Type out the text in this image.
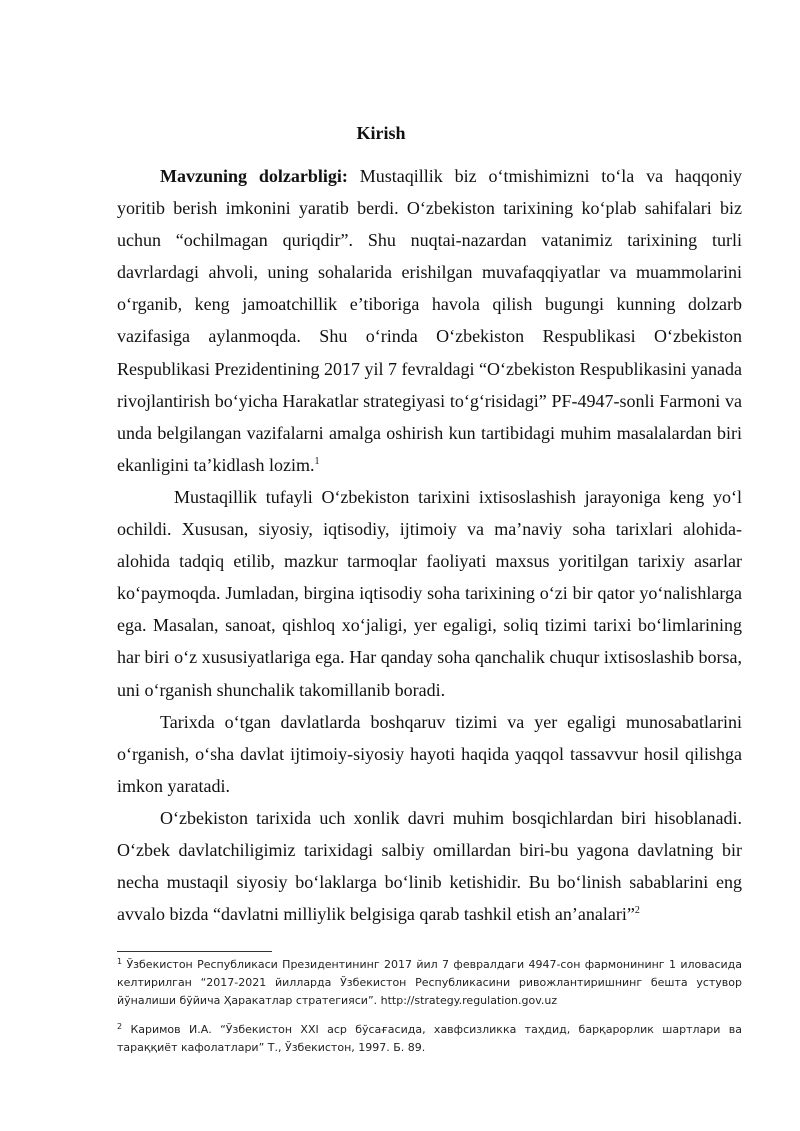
Kirish

Mavzuning dolzarbligi: Mustaqillik biz o‘tmishimizni to‘la va haqqoniy yoritib berish imkonini yaratib berdi. O‘zbekiston tarixining ko‘plab sahifalari biz uchun “ochilmagan quriqdir”. Shu nuqtai-nazardan vatanimiz tarixining turli davrlardagi ahvoli, uning sohalarida erishilgan muvafaqqiyatlar va muammolarini o‘rganib, keng jamoatchillik e’tiboriga havola qilish bugungi kunning dolzarb vazifasiga aylanmoqda. Shu o‘rinda O‘zbekiston Respublikasi O‘zbekiston Respublikasi Prezidentining 2017 yil 7 fevraldagi “O‘zbekiston Respublikasini yanada rivojlantirish bo‘yicha Harakatlar strategiyasi to‘g‘risidagi” PF-4947-sonli Farmoni va unda belgilangan vazifalarni amalga oshirish kun tartibidagi muhim masalalardan biri ekanligini ta’kidlash lozim.$^1$

Mustaqillik tufayli O‘zbekiston tarixini ixtisoslashish jarayoniga keng yo‘l ochildi. Xususan, siyosiy, iqtisodiy, ijtimoiy va ma’naviy soha tarixlari alohida-alohida tadqiq etilib, mazkur tarmoqlar faoliyati maxsus yoritilgan tarixiy asarlar ko‘paymoqda. Jumladan, birgina iqtisodiy soha tarixining o‘zi bir qator yo‘nalishlarga ega. Masalan, sanoat, qishloq xo‘jaligi, yer egaligi, soliq tizimi tarixi bo‘limlarining har biri o‘z xususiyatlariga ega. Har qanday soha qanchalik chuqur ixtisoslashib borsa, uni o‘rganish shunchalik takomillanib boradi.

Tarixda o‘tgan davlatlarda boshqaruv tizimi va yer egaligi munosabatlarini o‘rganish, o‘sha davlat ijtimoiy-siyosiy hayoti haqida yaqqol tassavvur hosil qilishga imkon yaratadi.

O‘zbekiston tarixida uch xonlik davri muhim bosqichlardan biri hisoblanadi. O‘zbek davlatchiligimiz tarixidagi salbiy omillardan biri-bu yagona davlatning bir necha mustaqil siyosiy bo‘laklarga bo‘linib ketishidir. Bu bo‘linish sabablarini eng avvalo bizda “davlatni milliylik belgisiga qarab tashkil etish an’analari”$^2$

$^1$ Ўзбекистон Республикаси Президентининг 2017 йил 7 февралдаги 4947-сон фармонининг 1 иловасида келтирилган “2017-2021 йилларда Ўзбекистон Республикасини ривожлантиришнинг бешта устувор йўналиши бўйича Ҳаракатлар стратегияси”. http://strategy.regulation.gov.uz

$^2$ Каримов И.А. “Ўзбекистон XXI аср бўсағасида, хавфсизликка таҳдид, барқарорлик шартлари ва тараққиёт кафолатлари” Т., Ўзбекистон, 1997. Б. 89.
